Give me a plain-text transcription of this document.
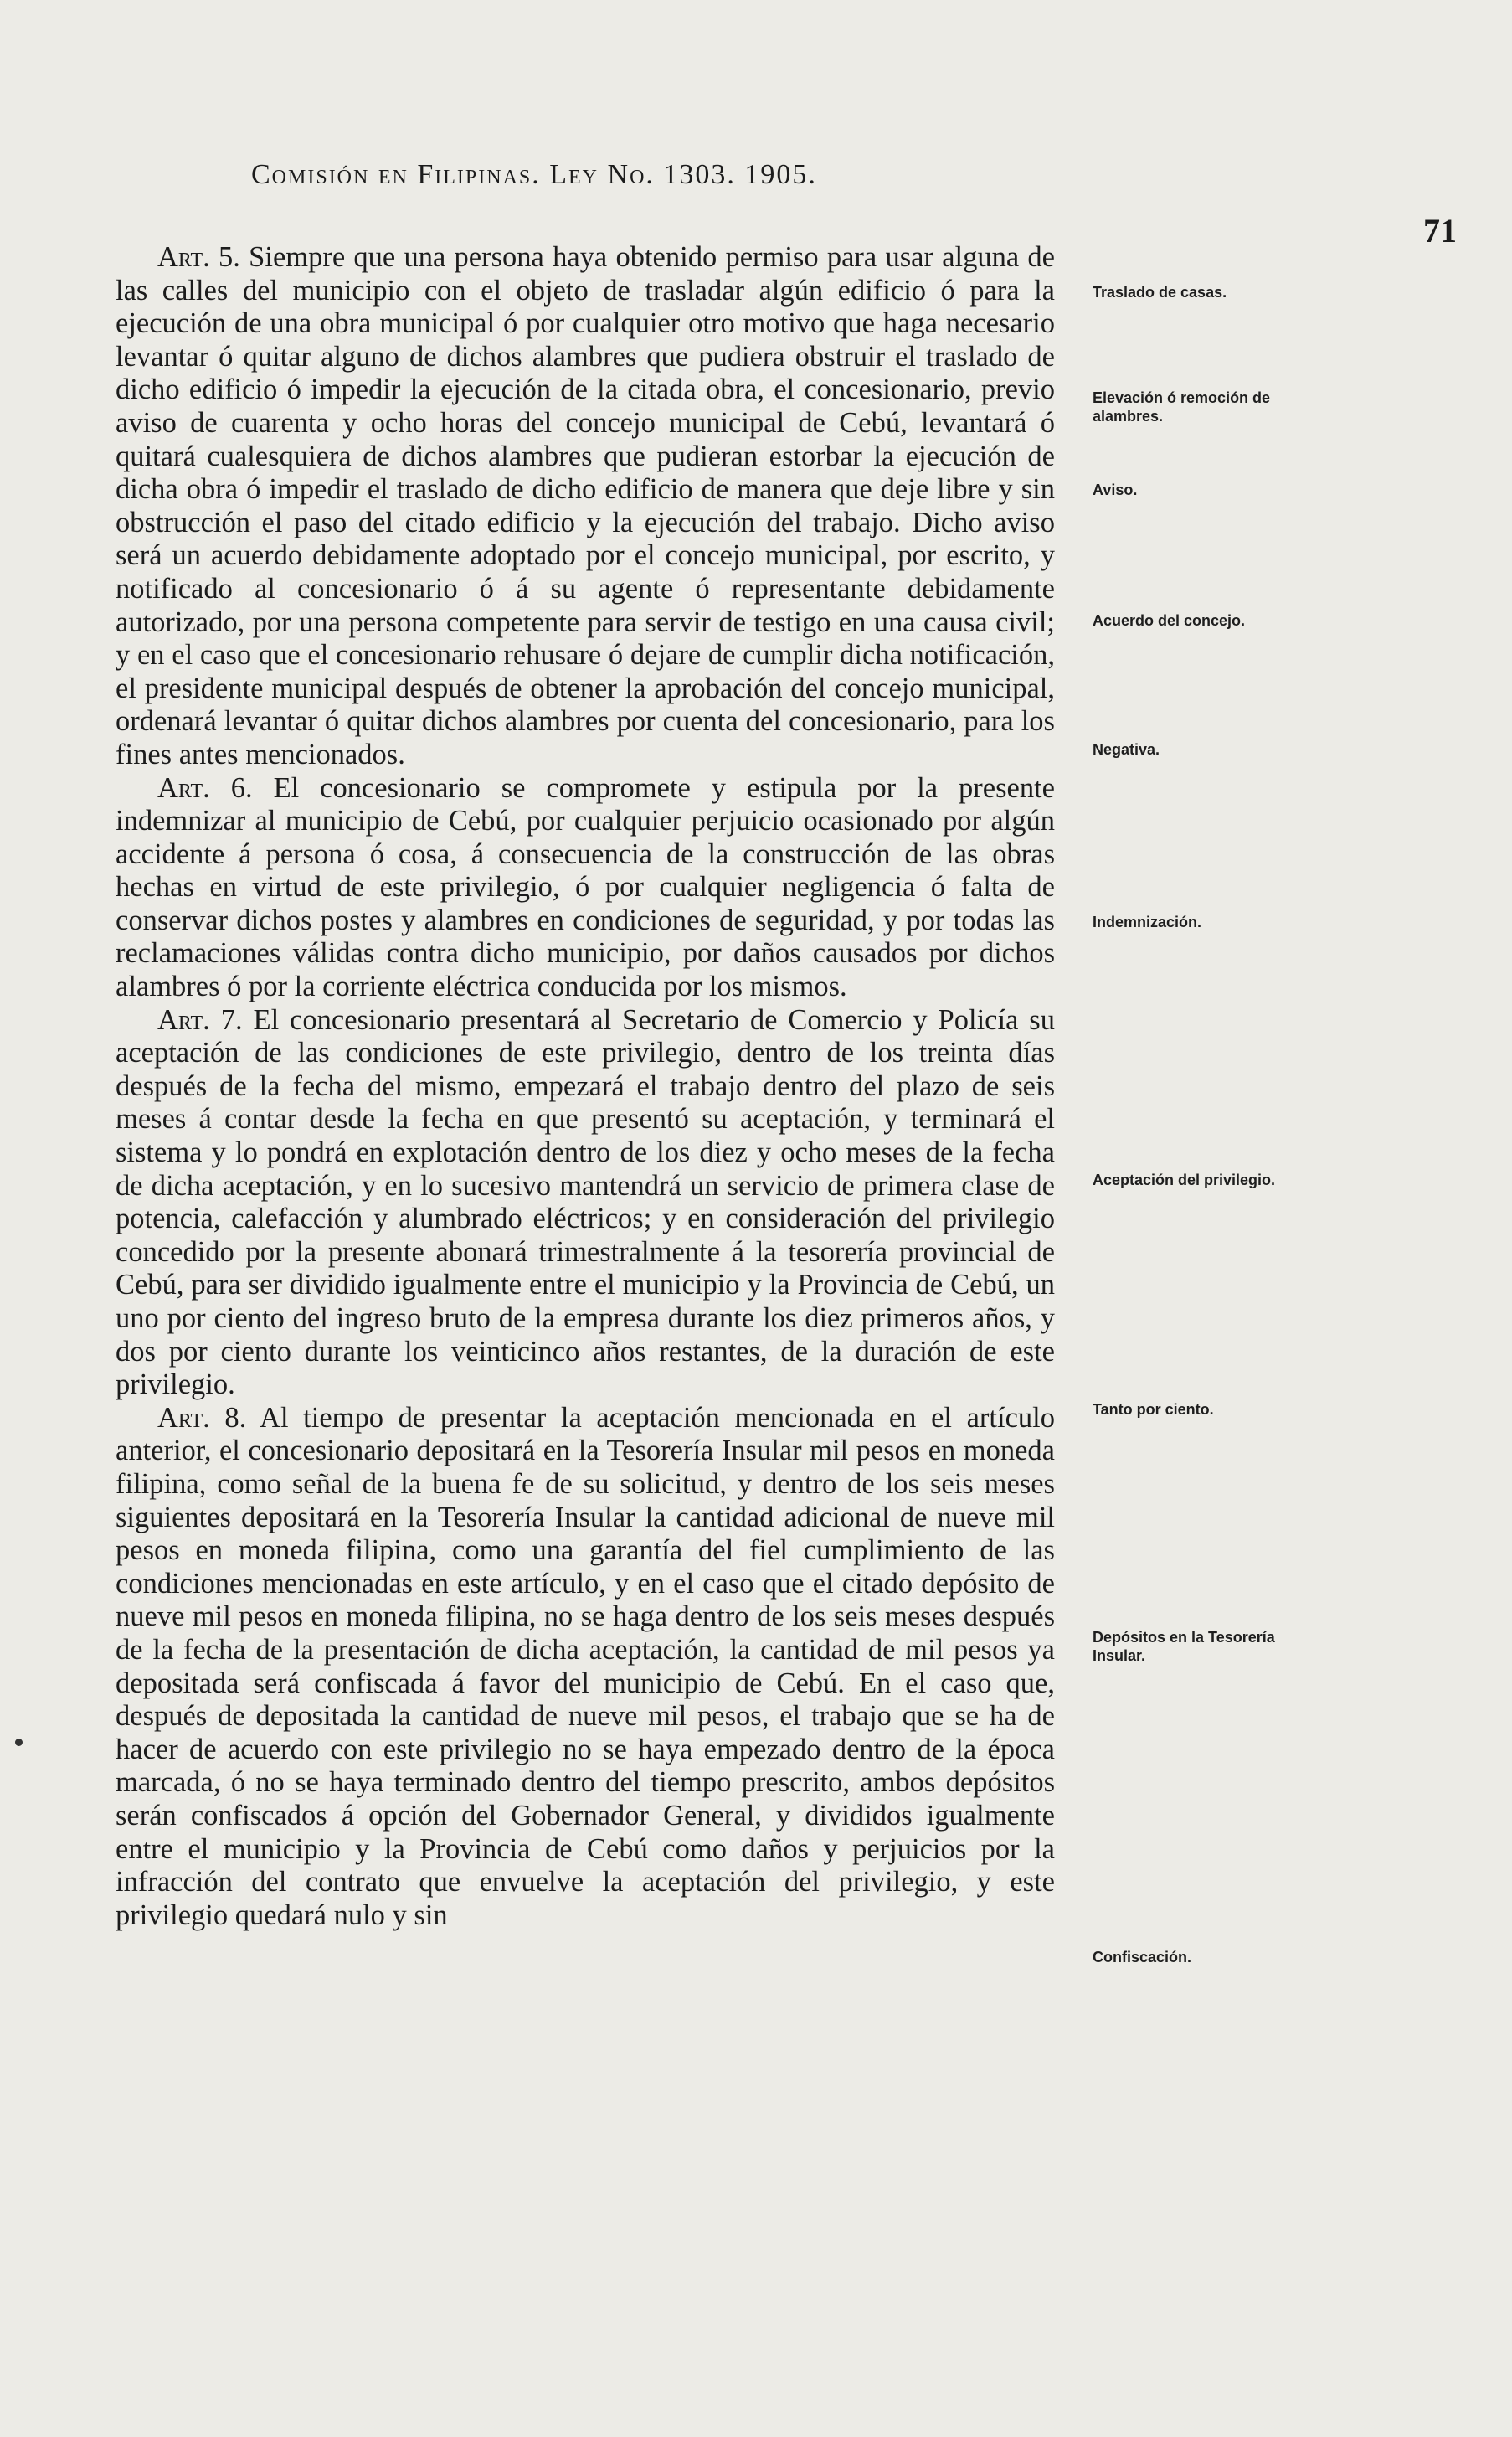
Comisión en Filipinas. Ley No. 1303. 1905.
71

Art. 5. Siempre que una persona haya obtenido permiso para usar alguna de las calles del municipio con el objeto de trasladar algún edificio ó para la ejecución de una obra municipal ó por cualquier otro motivo que haga necesario levantar ó quitar alguno de dichos alambres que pudiera obstruir el traslado de dicho edificio ó impedir la ejecución de la citada obra, el concesionario, previo aviso de cuarenta y ocho horas del concejo municipal de Cebú, levantará ó quitará cualesquiera de dichos alambres que pudieran estorbar la ejecución de dicha obra ó impedir el traslado de dicho edificio de manera que deje libre y sin obstrucción el paso del citado edificio y la ejecución del trabajo. Dicho aviso será un acuerdo debidamente adoptado por el concejo municipal, por escrito, y notificado al concesionario ó á su agente ó representante debidamente autorizado, por una persona competente para servir de testigo en una causa civil; y en el caso que el concesionario rehusare ó dejare de cumplir dicha notificación, el presidente municipal después de obtener la aprobación del concejo municipal, ordenará levantar ó quitar dichos alambres por cuenta del concesionario, para los fines antes mencionados.

Art. 6. El concesionario se compromete y estipula por la presente indemnizar al municipio de Cebú, por cualquier perjuicio ocasionado por algún accidente á persona ó cosa, á consecuencia de la construcción de las obras hechas en virtud de este privilegio, ó por cualquier negligencia ó falta de conservar dichos postes y alambres en condiciones de seguridad, y por todas las reclamaciones válidas contra dicho municipio, por daños causados por dichos alambres ó por la corriente eléctrica conducida por los mismos.

Art. 7. El concesionario presentará al Secretario de Comercio y Policía su aceptación de las condiciones de este privilegio, dentro de los treinta días después de la fecha del mismo, empezará el trabajo dentro del plazo de seis meses á contar desde la fecha en que presentó su aceptación, y terminará el sistema y lo pondrá en explotación dentro de los diez y ocho meses de la fecha de dicha aceptación, y en lo sucesivo mantendrá un servicio de primera clase de potencia, calefacción y alumbrado eléctricos; y en consideración del privilegio concedido por la presente abonará trimestralmente á la tesorería provincial de Cebú, para ser dividido igualmente entre el municipio y la Provincia de Cebú, un uno por ciento del ingreso bruto de la empresa durante los diez primeros años, y dos por ciento durante los veinticinco años restantes, de la duración de este privilegio.

Art. 8. Al tiempo de presentar la aceptación mencionada en el artículo anterior, el concesionario depositará en la Tesorería Insular mil pesos en moneda filipina, como señal de la buena fe de su solicitud, y dentro de los seis meses siguientes depositará en la Tesorería Insular la cantidad adicional de nueve mil pesos en moneda filipina, como una garantía del fiel cumplimiento de las condiciones mencionadas en este artículo, y en el caso que el citado depósito de nueve mil pesos en moneda filipina, no se haga dentro de los seis meses después de la fecha de la presentación de dicha aceptación, la cantidad de mil pesos ya depositada será confiscada á favor del municipio de Cebú. En el caso que, después de depositada la cantidad de nueve mil pesos, el trabajo que se ha de hacer de acuerdo con este privilegio no se haya empezado dentro de la época marcada, ó no se haya terminado dentro del tiempo prescrito, ambos depósitos serán confiscados á opción del Gobernador General, y divididos igualmente entre el municipio y la Provincia de Cebú como daños y perjuicios por la infracción del contrato que envuelve la aceptación del privilegio, y este privilegio quedará nulo y sin

Traslado de casas.
Elevación ó remoción de alambres.
Aviso.
Acuerdo del concejo.
Negativa.
Indemnización.
Aceptación del privilegio.
Tanto por ciento.
Depósitos en la Tesorería Insular.
Confiscación.
